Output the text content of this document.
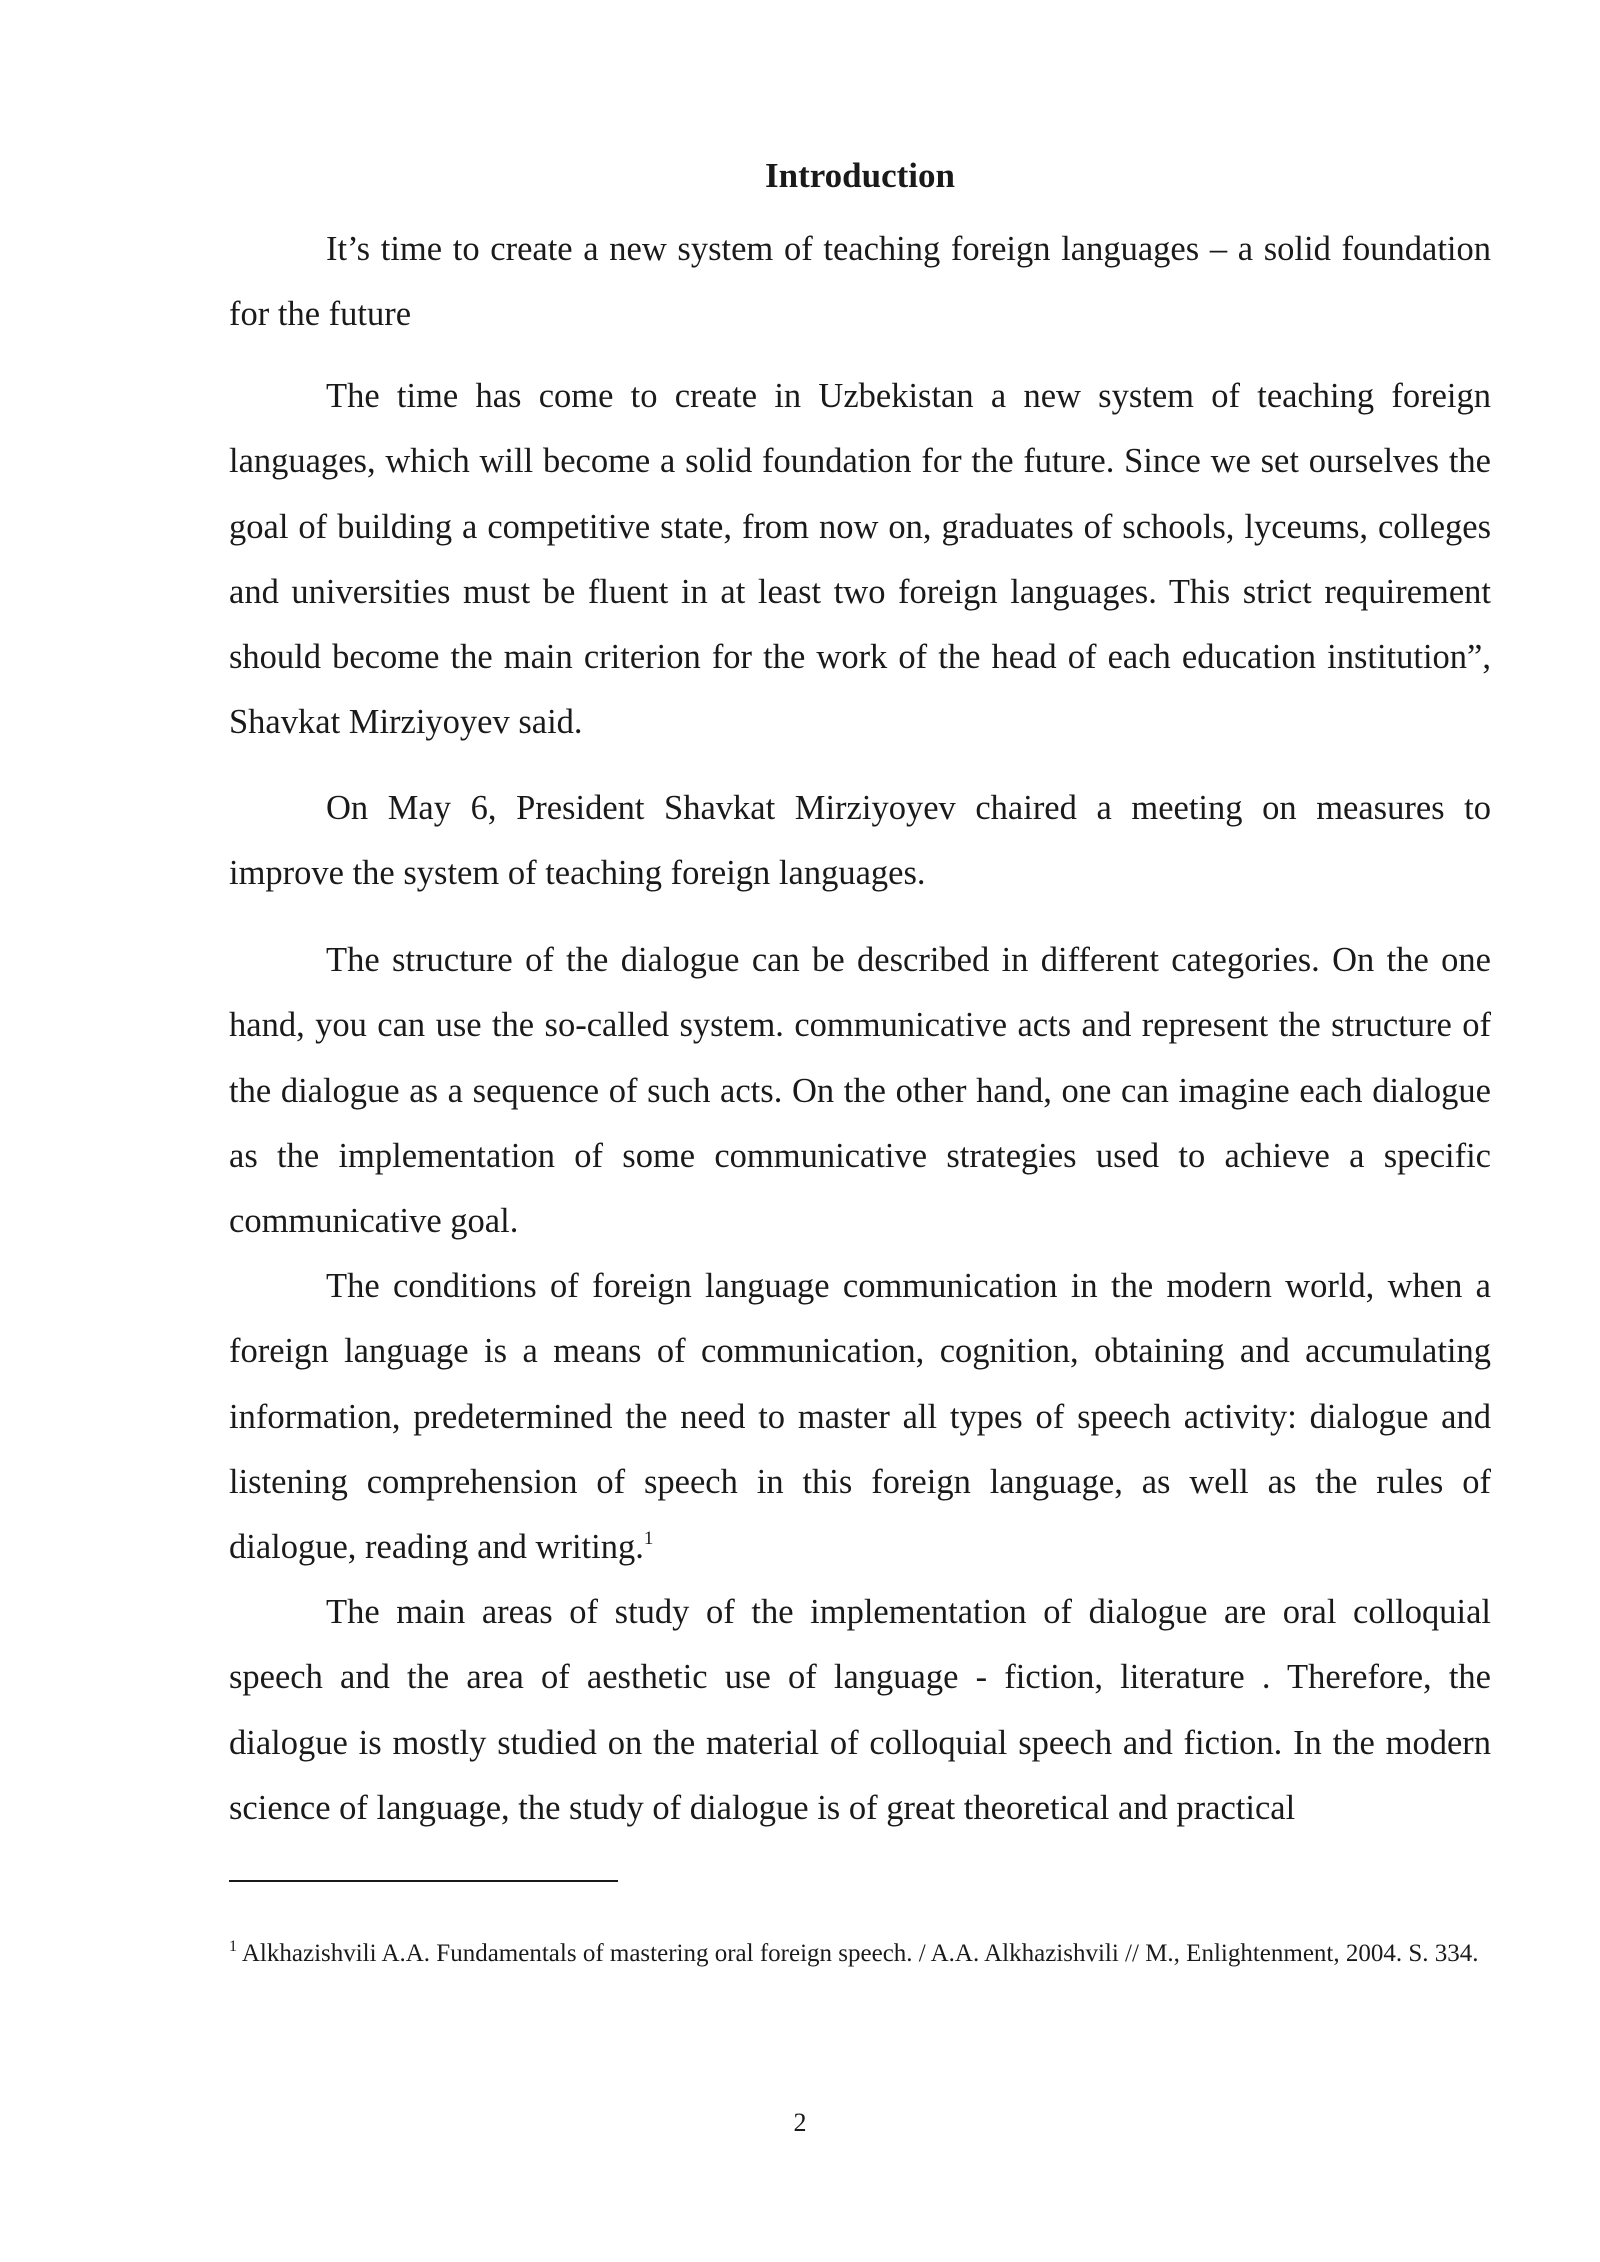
Introduction

It’s time to create a new system of teaching foreign languages – a solid foundation for the future

The time has come to create in Uzbekistan a new system of teaching foreign languages, which will become a solid foundation for the future. Since we set ourselves the goal of building a competitive state, from now on, graduates of schools, lyceums, colleges and universities must be fluent in at least two foreign languages. This strict requirement should become the main criterion for the work of the head of each education institution”, Shavkat Mirziyoyev said.

On May 6, President Shavkat Mirziyoyev chaired a meeting on measures to improve the system of teaching foreign languages.

The structure of the dialogue can be described in different categories. On the one hand, you can use the so-called system. communicative acts and represent the structure of the dialogue as a sequence of such acts. On the other hand, one can imagine each dialogue as the implementation of some communicative strategies used to achieve a specific communicative goal.

The conditions of foreign language communication in the modern world, when a foreign language is a means of communication, cognition, obtaining and accumulating information, predetermined the need to master all types of speech activity: dialogue and listening comprehension of speech in this foreign language, as well as the rules of dialogue, reading and writing.$^1$

The main areas of study of the implementation of dialogue are oral colloquial speech and the area of aesthetic use of language - fiction, literature . Therefore, the dialogue is mostly studied on the material of colloquial speech and fiction. In the modern science of language, the study of dialogue is of great theoretical and practical

$^1$ Alkhazishvili A.A. Fundamentals of mastering oral foreign speech. / A.A. Alkhazishvili // M., Enlightenment, 2004. S. 334.

2
